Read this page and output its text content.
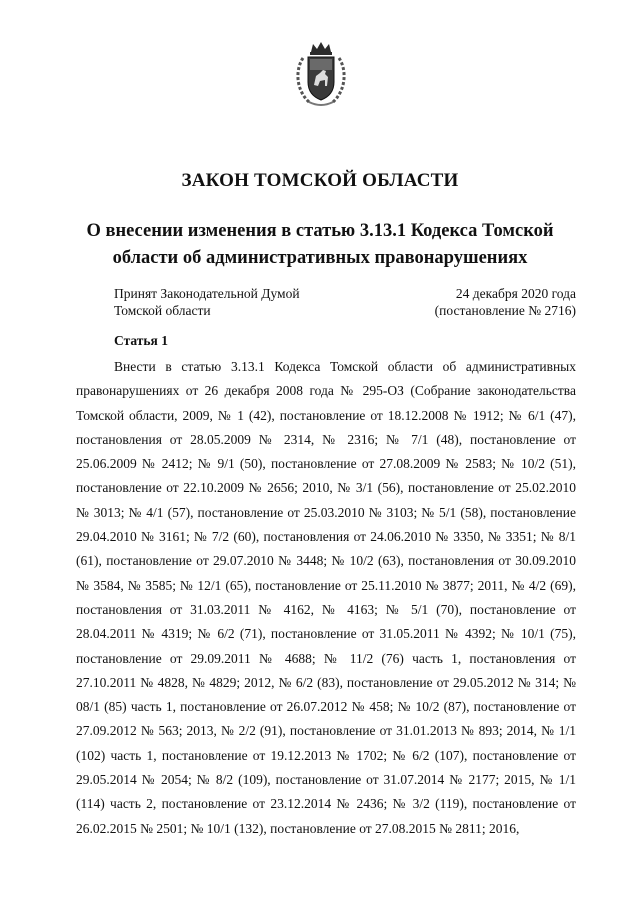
ЗАКОН ТОМСКОЙ ОБЛАСТИ
О внесении изменения в статью 3.13.1 Кодекса Томской области об административных правонарушениях
Принят Законодательной Думой
Томской области
24 декабря 2020 года
(постановление № 2716)
Статья 1

Внести в статью 3.13.1 Кодекса Томской области об административных правонарушениях от 26 декабря 2008 года № 295-ОЗ (Собрание законодательства Томской области, 2009, № 1 (42), постановление от 18.12.2008 № 1912; № 6/1 (47), постановления от 28.05.2009 № 2314, № 2316; № 7/1 (48), постановление от 25.06.2009 № 2412; № 9/1 (50), постановление от 27.08.2009 № 2583; № 10/2 (51), постановление от 22.10.2009 № 2656; 2010, № 3/1 (56), постановление от 25.02.2010 № 3013; № 4/1 (57), постановление от 25.03.2010 № 3103; № 5/1 (58), постановление 29.04.2010 № 3161; № 7/2 (60), постановления от 24.06.2010 № 3350, № 3351; № 8/1 (61), постановление от 29.07.2010 № 3448; № 10/2 (63), постановления от 30.09.2010 № 3584, № 3585; № 12/1 (65), постановление от 25.11.2010 № 3877; 2011, № 4/2 (69), постановления от 31.03.2011 № 4162, № 4163; № 5/1 (70), постановление от 28.04.2011 № 4319; № 6/2 (71), постановление от 31.05.2011 № 4392; № 10/1 (75), постановление от 29.09.2011 № 4688; № 11/2 (76) часть 1, постановления от 27.10.2011 № 4828, № 4829; 2012, № 6/2 (83), постановление от 29.05.2012 № 314; № 08/1 (85) часть 1, постановление от 26.07.2012 № 458; № 10/2 (87), постановление от 27.09.2012 № 563; 2013, № 2/2 (91), постановление от 31.01.2013 № 893; 2014, № 1/1 (102) часть 1, постановление от 19.12.2013 № 1702; № 6/2 (107), постановление от 29.05.2014 № 2054; № 8/2 (109), постановление от 31.07.2014 № 2177; 2015, № 1/1 (114) часть 2, постановление от 23.12.2014 № 2436; № 3/2 (119), постановление от 26.02.2015 № 2501; № 10/1 (132), постановление от 27.08.2015 № 2811; 2016,
